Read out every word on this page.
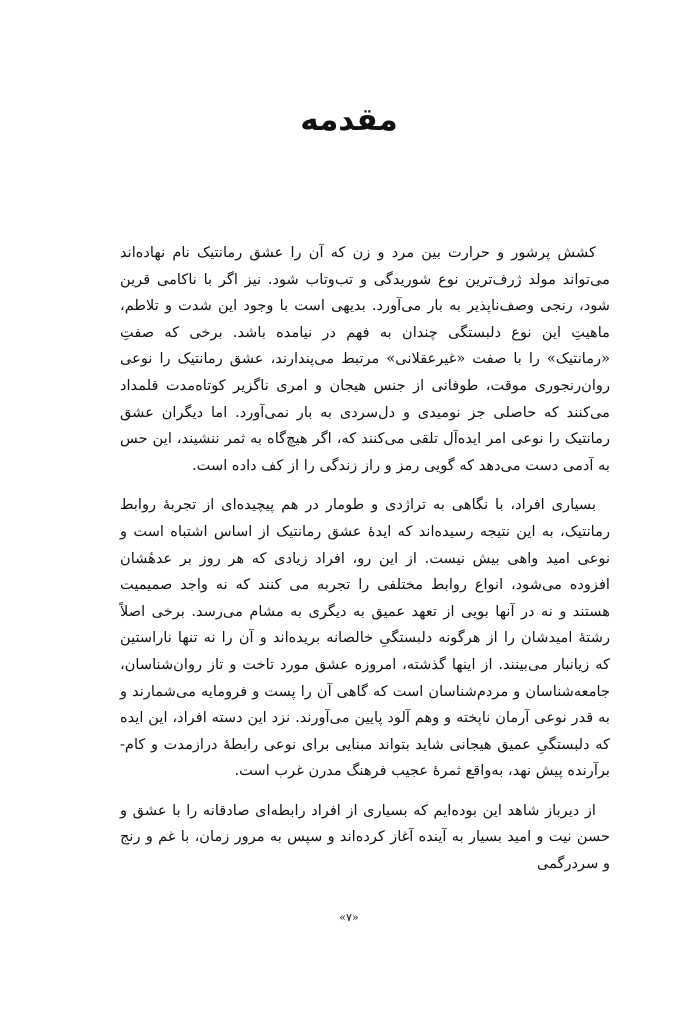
مقدمه

کشش پرشور و حرارت بین مرد و زن که آن را عشق رمانتیک نام نهاده‌اند می‌تواند مولد ژرف‌ترین نوع شوریدگی و تب‌وتاب شود. نیز اگر با ناکامی قرین شود، رنجی وصف‌ناپذیر به بار می‌آورد. بدیهی است با وجود این شدت و تلاطم، ماهیتِ این نوع دلبستگی چندان به فهم در نیامده باشد. برخی که صفتِ «رمانتیک» را با صفت «غیرعقلانی» مرتبط می‌پندارند، عشق رمانتیک را نوعی روان‌رنجوری موقت، طوفانی از جنس هیجان و امری ناگزیر کوتاه‌مدت قلمداد می‌کنند که حاصلی جز نومیدی و دل‌سردی به بار نمی‌آورد. اما دیگران عشق رمانتیک را نوعی امر ایده‌آل تلقی می‌کنند که، اگر هیچ‌گاه به ثمر ننشیند، این حس به آدمی دست می‌دهد که گویی رمز و راز زندگی را از کف داده است.

بسیاری افراد، با نگاهی به تراژدی و طومار در هم پیچیده‌ای از تجربهٔ روابط رمانتیک، به این نتیجه رسیده‌اند که ایدهٔ عشق رمانتیک از اساس اشتباه است و نوعی امید واهی بیش نیست. از این رو، افراد زیادی که هر روز بر عدهٔشان افزوده می‌شود، انواع روابط مختلفی را تجربه می کنند که نه واجد صمیمیت هستند و نه در آنها بویی از تعهد عمیق به دیگری به مشام می‌رسد. برخی اصلاً رشتهٔ امیدشان را از هرگونه دلبستگیِ خالصانه بریده‌اند و آن را نه تنها ناراستین که زیانبار می‌بینند. از اینها گذشته، امروزه عشق مورد تاخت و تاز روان‌شناسان، جامعه‌شناسان و مردم‌شناسان است که گاهی آن را پست و فرومایه می‌شمارند و به قدر نوعی آرمان ناپخته و وهم آلود پایین می‌آورند. نزد این دسته افراد، این ایده که دلبستگیِ عمیق هیجانی شاید بتواند مبنایی برای نوعی رابطهٔ درازمدت و کام-برآرنده پیش نهد، به‌واقع ثمرهٔ عجیب فرهنگ مدرن غرب است.

از دیرباز شاهد این بوده‌ایم که بسیاری از افراد رابطه‌ای صادقانه را با عشق و حسن نیت و امید بسیار به آینده آغاز کرده‌اند و سپس به مرور زمان، با غم و رنج و سردرگمی

«۷»
